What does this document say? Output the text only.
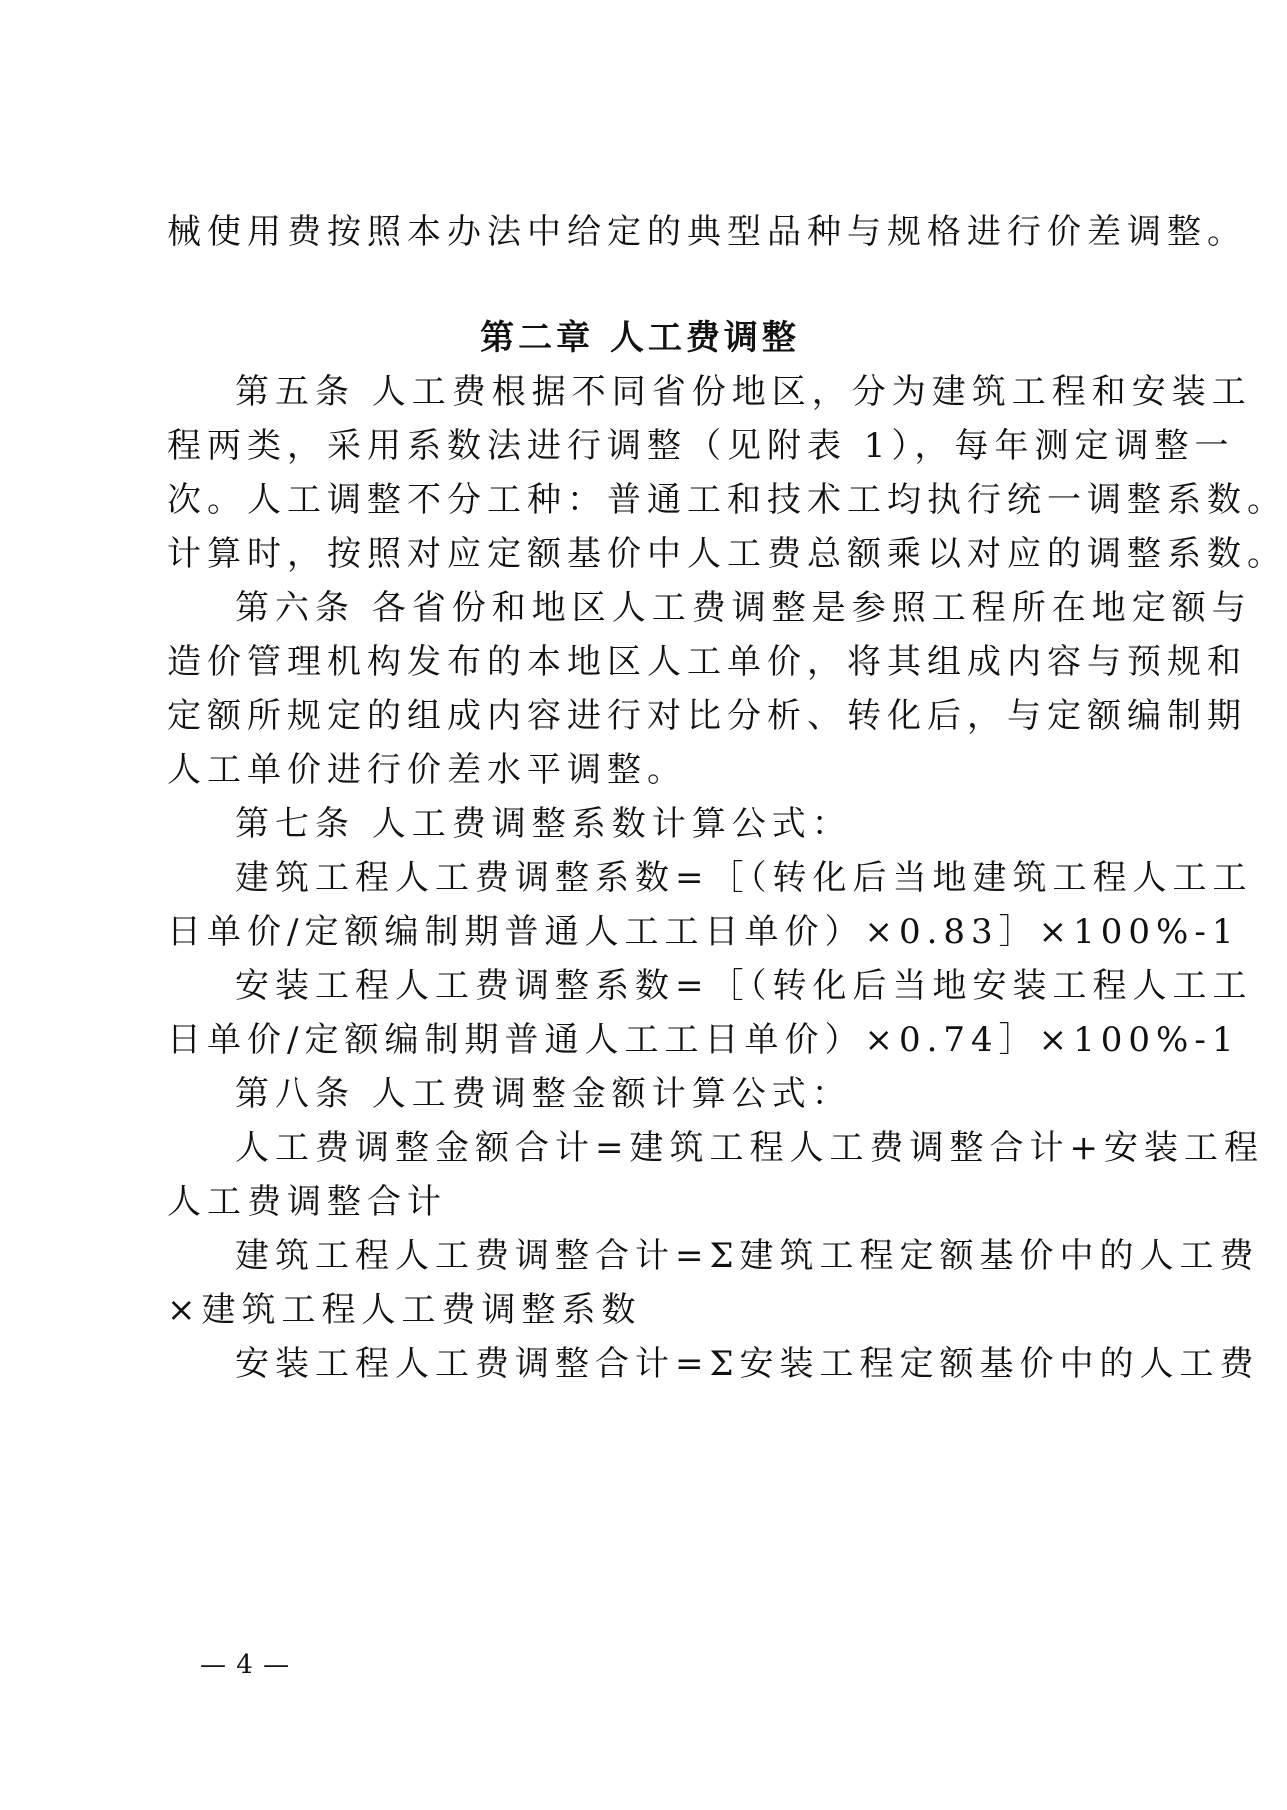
械使用费按照本办法中给定的典型品种与规格进行价差调整。
第二章 人工费调整
第五条 人工费根据不同省份地区，分为建筑工程和安装工
程两类，采用系数法进行调整（见附表 1），每年测定调整一
次。人工调整不分工种：普通工和技术工均执行统一调整系数。
计算时，按照对应定额基价中人工费总额乘以对应的调整系数。
第六条 各省份和地区人工费调整是参照工程所在地定额与
造价管理机构发布的本地区人工单价，将其组成内容与预规和
定额所规定的组成内容进行对比分析、转化后，与定额编制期
人工单价进行价差水平调整。
第七条 人工费调整系数计算公式：
建筑工程人工费调整系数=［（转化后当地建筑工程人工工
日单价/定额编制期普通人工工日单价）×0.83］×100%-1
安装工程人工费调整系数=［（转化后当地安装工程人工工
日单价/定额编制期普通人工工日单价）×0.74］×100%-1
第八条 人工费调整金额计算公式：
人工费调整金额合计=建筑工程人工费调整合计+安装工程
人工费调整合计
建筑工程人工费调整合计=Σ建筑工程定额基价中的人工费
×建筑工程人工费调整系数
安装工程人工费调整合计=Σ安装工程定额基价中的人工费
— 4 —
